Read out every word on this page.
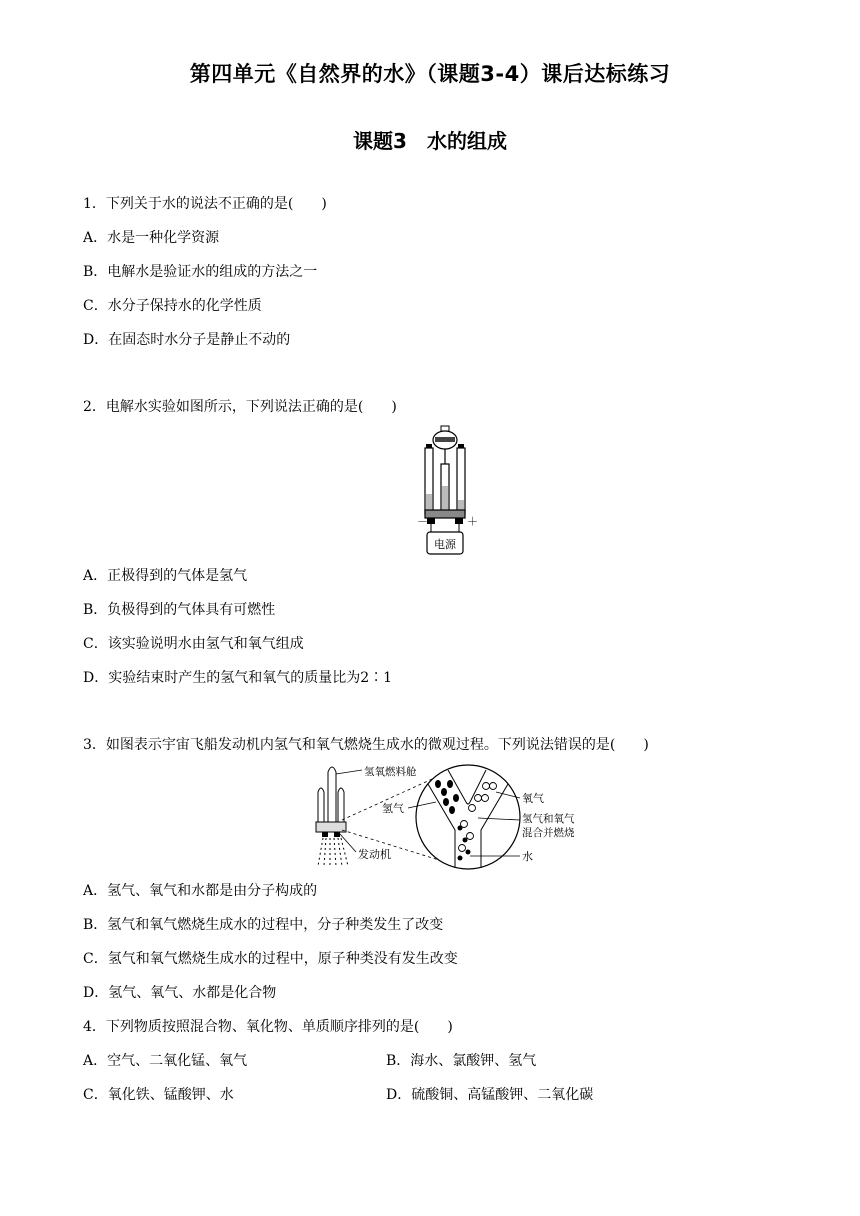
第四单元《自然界的水》（课题3-4）课后达标练习
课题3　水的组成
1．下列关于水的说法不正确的是(　　)
A．水是一种化学资源
B．电解水是验证水的组成的方法之一
C．水分子保持水的化学性质
D．在固态时水分子是静止不动的
2．电解水实验如图所示，下列说法正确的是(　　)
－	＋
电源
A．正极得到的气体是氢气
B．负极得到的气体具有可燃性
C．该实验说明水由氢气和氧气组成
D．实验结束时产生的氢气和氧气的质量比为2∶1
3．如图表示宇宙飞船发动机内氢气和氧气燃烧生成水的微观过程。下列说法错误的是(　　)
氢氧燃料舱
发动机
氢气
氧气
氢气和氧气
混合并燃烧
水
A．氢气、氧气和水都是由分子构成的
B．氢气和氧气燃烧生成水的过程中，分子种类发生了改变
C．氢气和氧气燃烧生成水的过程中，原子种类没有发生改变
D．氢气、氧气、水都是化合物
4．下列物质按照混合物、氧化物、单质顺序排列的是(　　)
A．空气、二氧化锰、氧气	B．海水、氯酸钾、氢气
C．氧化铁、锰酸钾、水	D．硫酸铜、高锰酸钾、二氧化碳
